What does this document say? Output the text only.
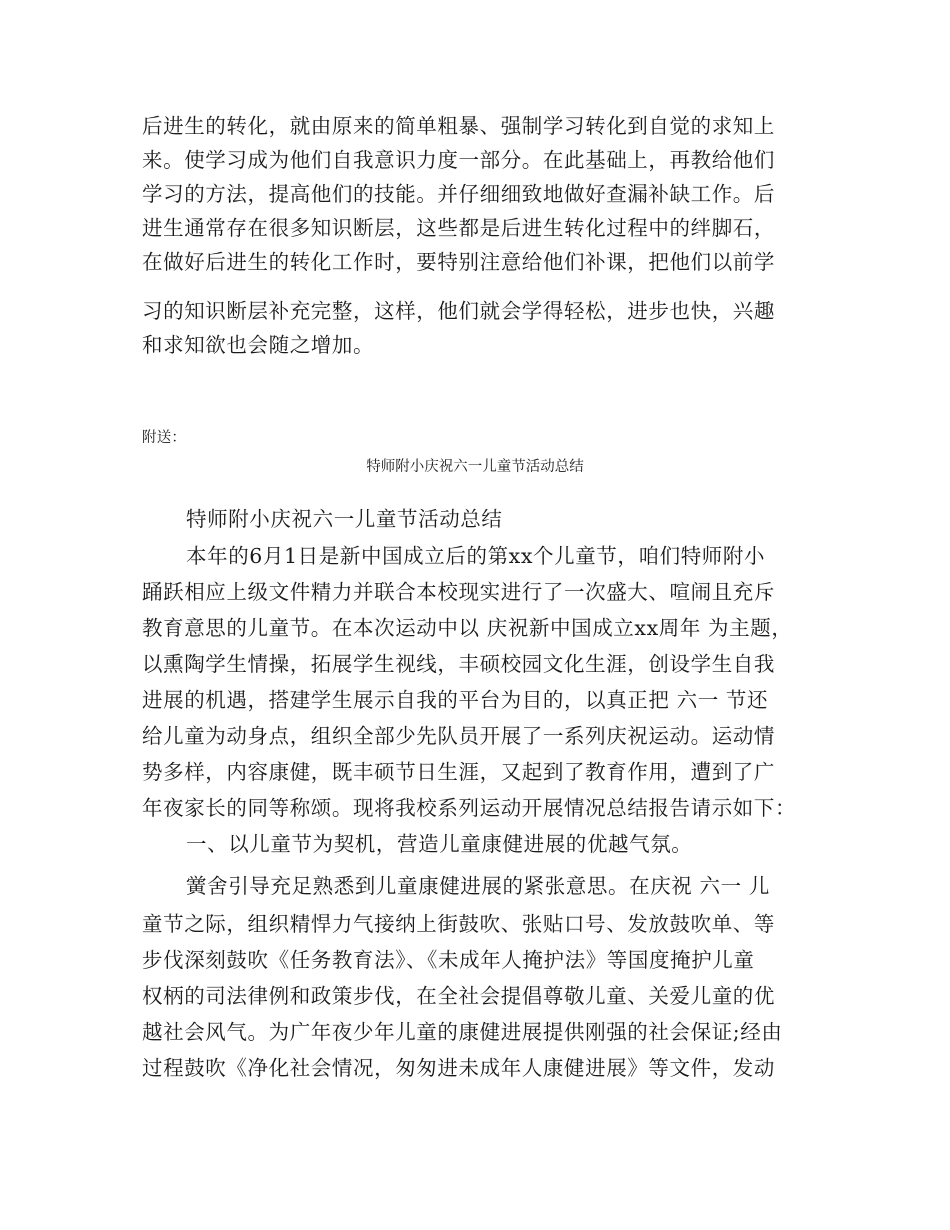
后进生的转化，就由原来的简单粗暴、强制学习转化到自觉的求知上

来。使学习成为他们自我意识力度一部分。在此基础上，再教给他们

学习的方法，提高他们的技能。并仔细细致地做好查漏补缺工作。后

进生通常存在很多知识断层，这些都是后进生转化过程中的绊脚石，

在做好后进生的转化工作时，要特别注意给他们补课，把他们以前学

习的知识断层补充完整，这样，他们就会学得轻松，进步也快，兴趣

和求知欲也会随之增加。

附送：

特师附小庆祝六一儿童节活动总结

特师附小庆祝六一儿童节活动总结

本年的6月1日是新中国成立后的第xx个儿童节，咱们特师附小

踊跃相应上级文件精力并联合本校现实进行了一次盛大、喧闹且充斥

教育意思的儿童节。在本次运动中以 庆祝新中国成立xx周年 为主题，

以熏陶学生情操，拓展学生视线，丰硕校园文化生涯，创设学生自我

进展的机遇，搭建学生展示自我的平台为目的，以真正把 六一 节还

给儿童为动身点，组织全部少先队员开展了一系列庆祝运动。运动情

势多样，内容康健，既丰硕节日生涯，又起到了教育作用，遭到了广

年夜家长的同等称颂。现将我校系列运动开展情况总结报告请示如下：

一、以儿童节为契机，营造儿童康健进展的优越气氛。

黉舍引导充足熟悉到儿童康健进展的紧张意思。在庆祝 六一 儿

童节之际，组织精悍力气接纳上街鼓吹、张贴口号、发放鼓吹单、等

步伐深刻鼓吹《任务教育法》、《未成年人掩护法》等国度掩护儿童

权柄的司法律例和政策步伐，在全社会提倡尊敬儿童、关爱儿童的优

越社会风气。为广年夜少年儿童的康健进展提供刚强的社会保证;经由

过程鼓吹《净化社会情况，匆匆进未成年人康健进展》等文件，发动
